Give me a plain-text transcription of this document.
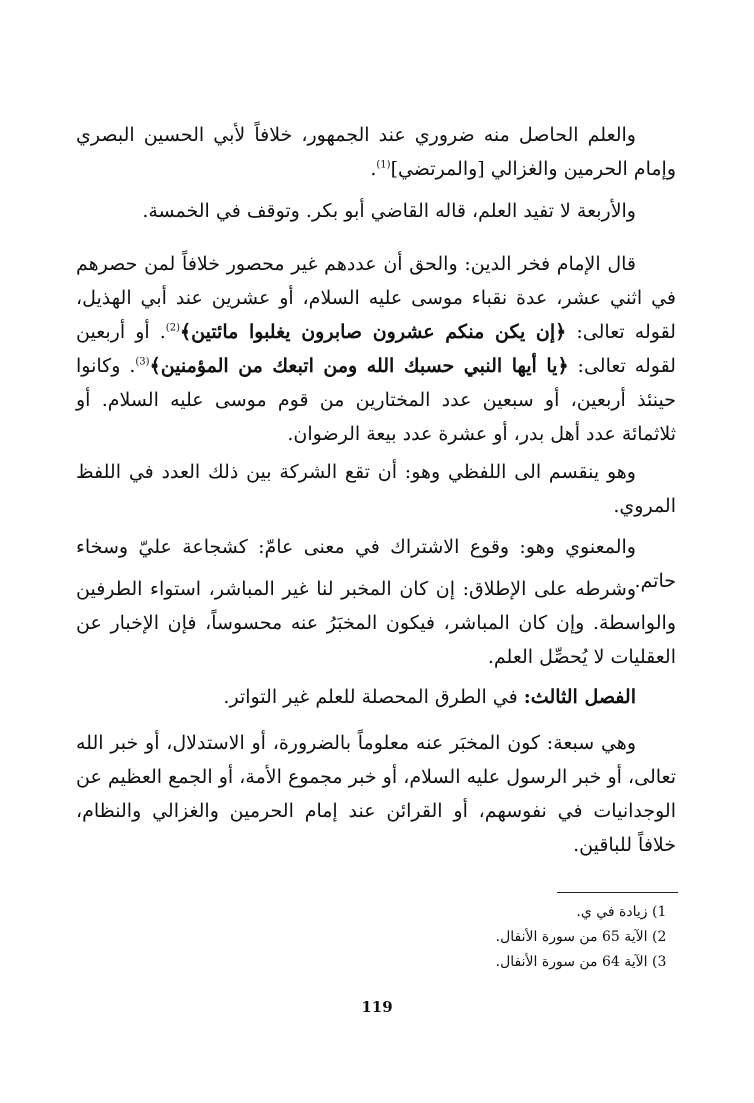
والعلم الحاصل منه ضروري عند الجمهور، خلافاً لأبي الحسين البصري وإمام الحرمين والغزالي [والمرتضي]$^{(1)}$.

والأربعة لا تفيد العلم، قاله القاضي أبو بكر. وتوقف في الخمسة.

قال الإمام فخر الدين: والحق أن عددهم غير محصور خلافاً لمن حصرهم في اثني عشر، عدة نقباء موسى عليه السلام، أو عشرين عند أبي الهذيل، لقوله تعالى: ﴿إن يكن منكم عشرون صابرون يغلبوا مائتين﴾$^{(2)}$. أو أربعين لقوله تعالى: ﴿يا أيها النبي حسبك الله ومن اتبعك من المؤمنين﴾$^{(3)}$. وكانوا حينئذ أربعين، أو سبعين عدد المختارين من قوم موسى عليه السلام. أو ثلاثمائة عدد أهل بدر، أو عشرة عدد بيعة الرضوان.

وهو ينقسم الى اللفظي وهو: أن تقع الشركة بين ذلك العدد في اللفظ المروي.

والمعنوي وهو: وقوع الاشتراك في معنى عامّ: كشجاعة عليّ وسخاء حاتم.

وشرطه على الإطلاق: إن كان المخبر لنا غير المباشر، استواء الطرفين والواسطة. وإن كان المباشر، فيكون المخبَرُ عنه محسوساً، فإن الإخبار عن العقليات لا يُحصِّل العلم.

الفصل الثالث: في الطرق المحصلة للعلم غير التواتر.

وهي سبعة: كون المخبَر عنه معلوماً بالضرورة، أو الاستدلال، أو خبر الله تعالى، أو خبر الرسول عليه السلام، أو خبر مجموع الأمة، أو الجمع العظيم عن الوجدانيات في نفوسهم، أو القرائن عند إمام الحرمين والغزالي والنظام، خلافاً للباقين.

1) زيادة في ي.
2) الآية 65 من سورة الأنفال.
3) الآية 64 من سورة الأنفال.
119
